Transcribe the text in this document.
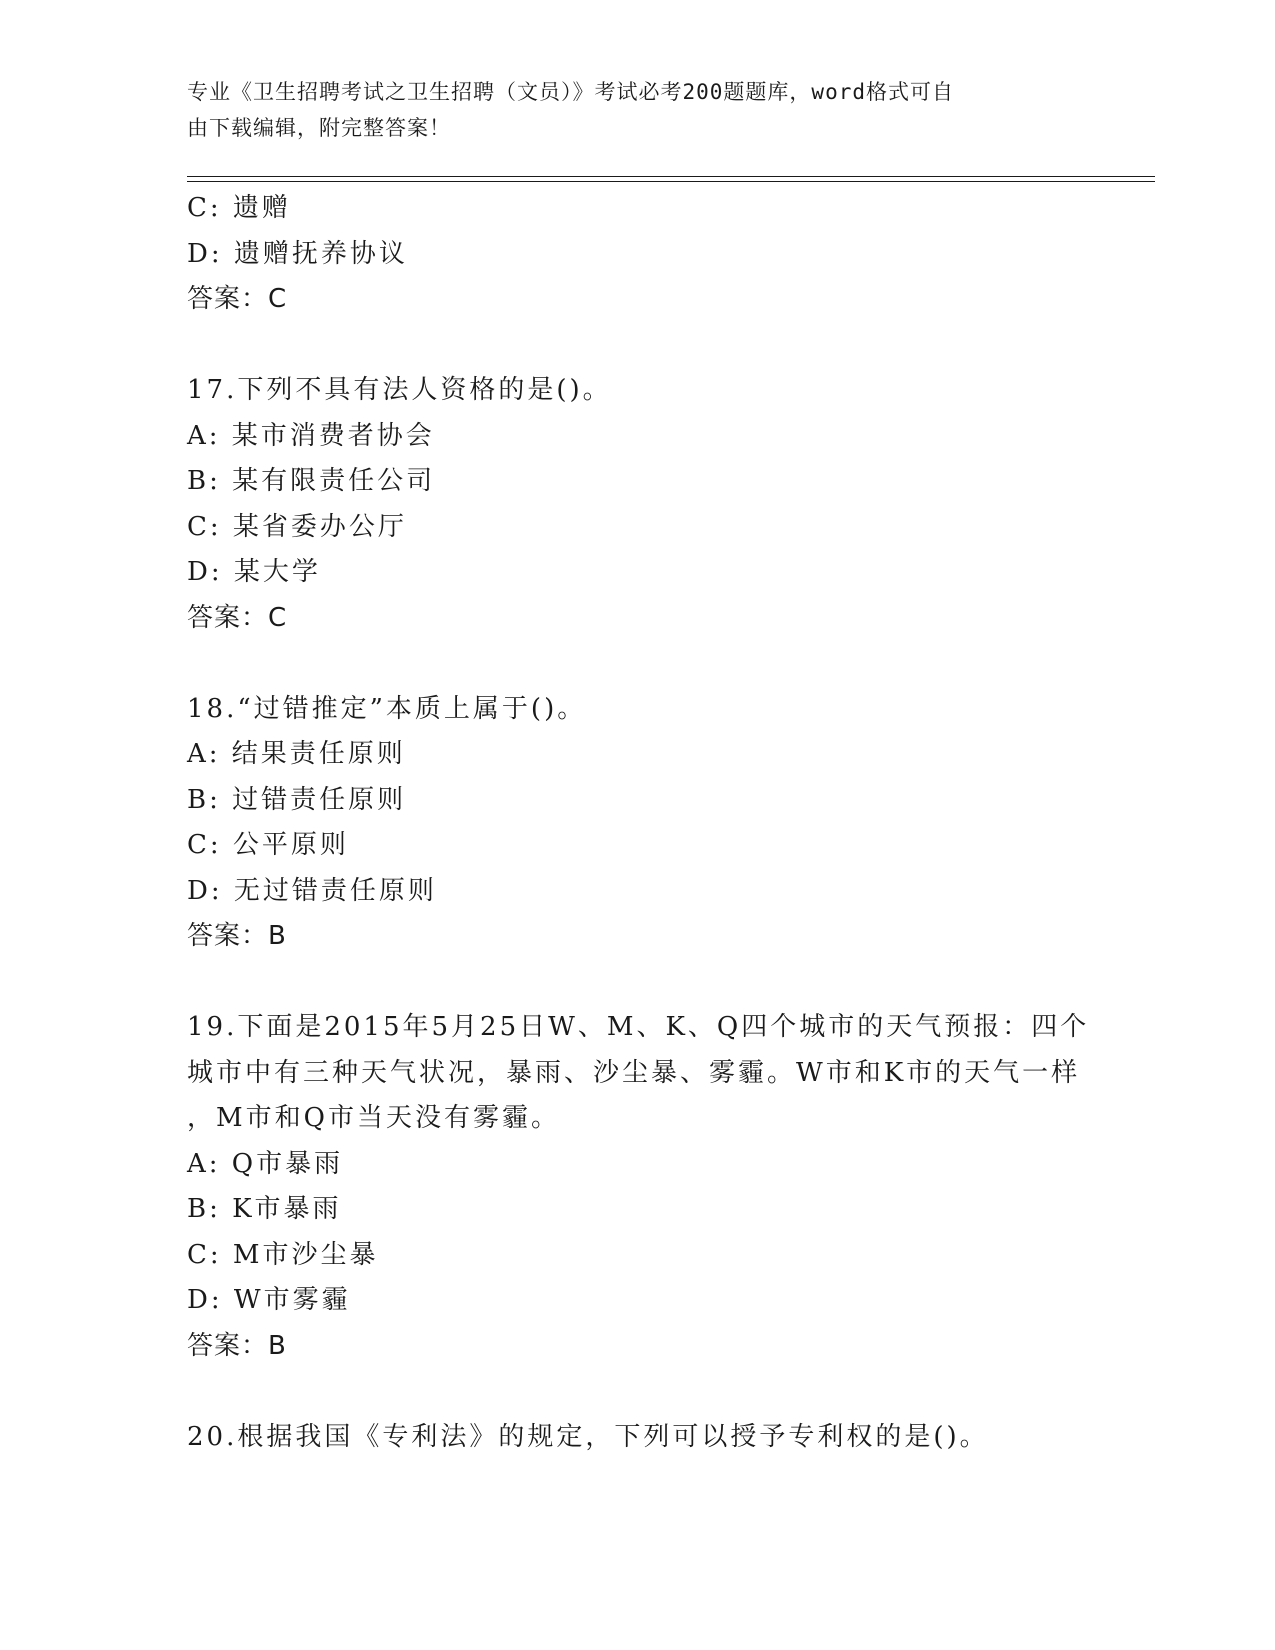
专业《卫生招聘考试之卫生招聘（文员）》考试必考200题题库，word格式可自
由下载编辑，附完整答案！
C: 遗赠
D: 遗赠抚养协议
答案：C
17.下列不具有法人资格的是()。
A: 某市消费者协会
B: 某有限责任公司
C: 某省委办公厅
D: 某大学
答案：C
18.“过错推定”本质上属于()。
A: 结果责任原则
B: 过错责任原则
C: 公平原则
D: 无过错责任原则
答案：B
19.下面是2015年5月25日W、M、K、Q四个城市的天气预报：四个
城市中有三种天气状况，暴雨、沙尘暴、雾霾。W市和K市的天气一样
，M市和Q市当天没有雾霾。
A: Q市暴雨
B: K市暴雨
C: M市沙尘暴
D: W市雾霾
答案：B
20.根据我国《专利法》的规定，下列可以授予专利权的是()。
